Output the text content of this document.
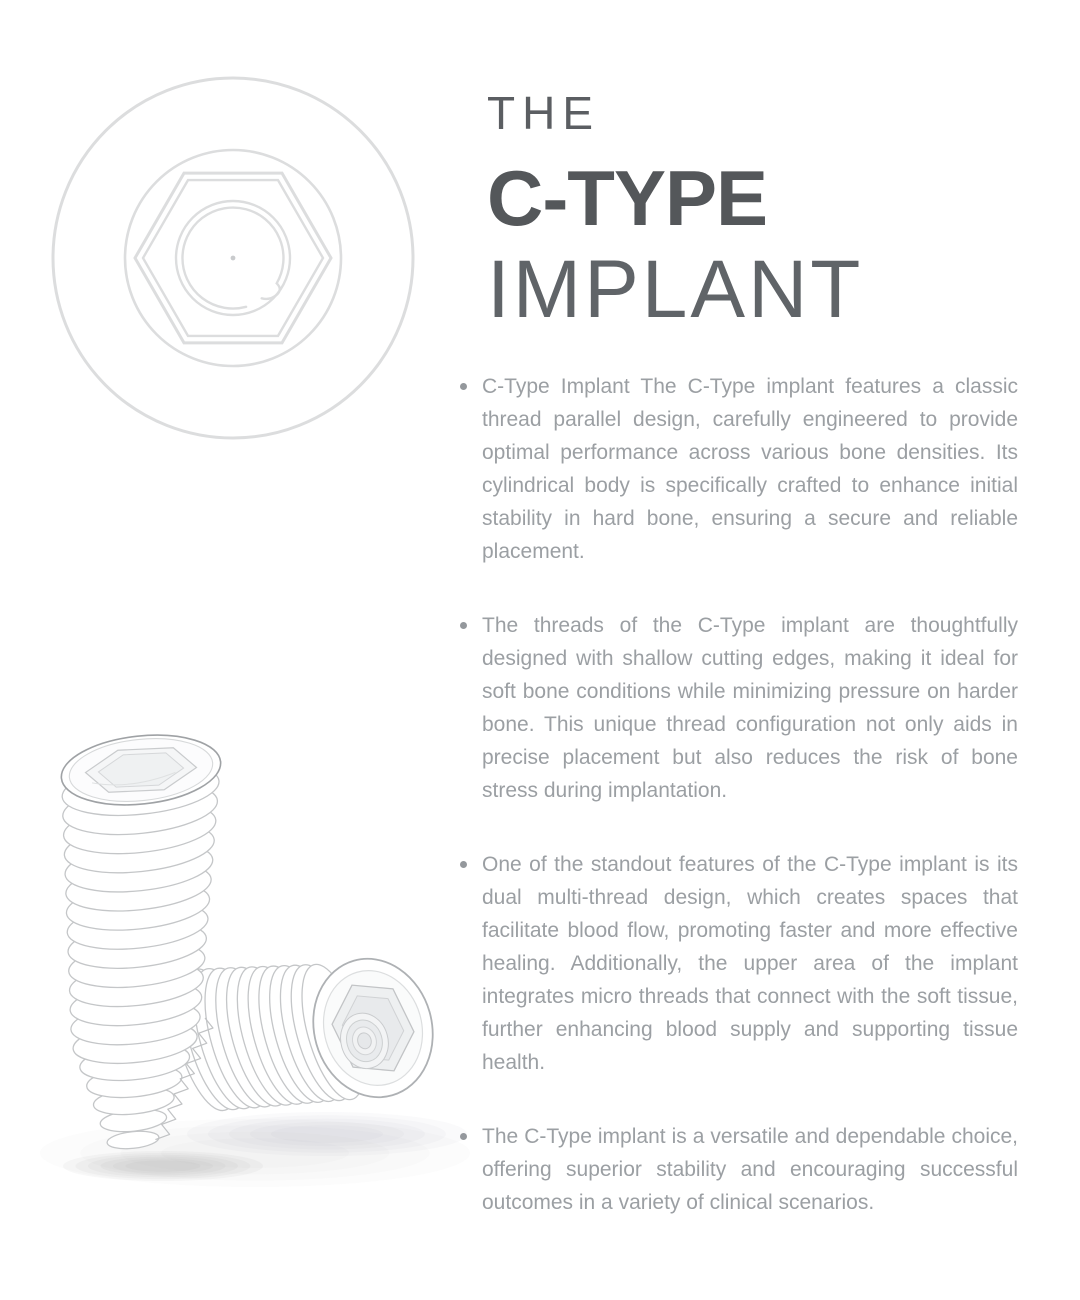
THE
C-TYPE
IMPLANT

C-Type Implant The C-Type implant features a classic thread parallel design, carefully engineered to provide optimal performance across various bone densities. Its cylindrical body is specifically crafted to enhance initial stability in hard bone, ensuring a secure and reliable placement.

The threads of the C-Type implant are thoughtfully designed with shallow cutting edges, making it ideal for soft bone conditions while minimizing pressure on harder bone. This unique thread configuration not only aids in precise placement but also reduces the risk of bone stress during implantation.

One of the standout features of the C-Type implant is its dual multi-thread design, which creates spaces that facilitate blood flow, promoting faster and more effective healing. Additionally, the upper area of the implant integrates micro threads that connect with the soft tissue, further enhancing blood supply and supporting tissue health.

The C-Type implant is a versatile and dependable choice, offering superior stability and encouraging successful outcomes in a variety of clinical scenarios.
